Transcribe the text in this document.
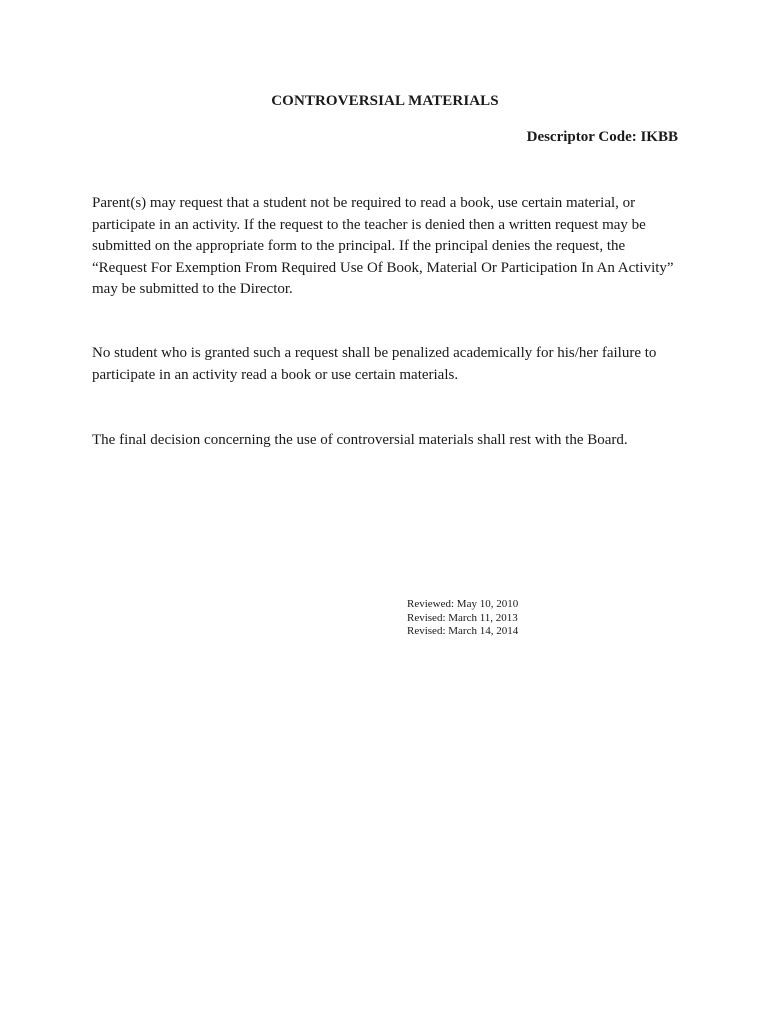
CONTROVERSIAL MATERIALS

Descriptor Code: IKBB

Parent(s) may request that a student not be required to read a book, use certain material, or participate in an activity. If the request to the teacher is denied then a written request may be submitted on the appropriate form to the principal. If the principal denies the request, the “Request For Exemption From Required Use Of Book, Material Or Participation In An Activity” may be submitted to the Director.

No student who is granted such a request shall be penalized academically for his/her failure to participate in an activity read a book or use certain materials.

The final decision concerning the use of controversial materials shall rest with the Board.

Reviewed: May 10, 2010
Revised: March 11, 2013
Revised: March 14, 2014
